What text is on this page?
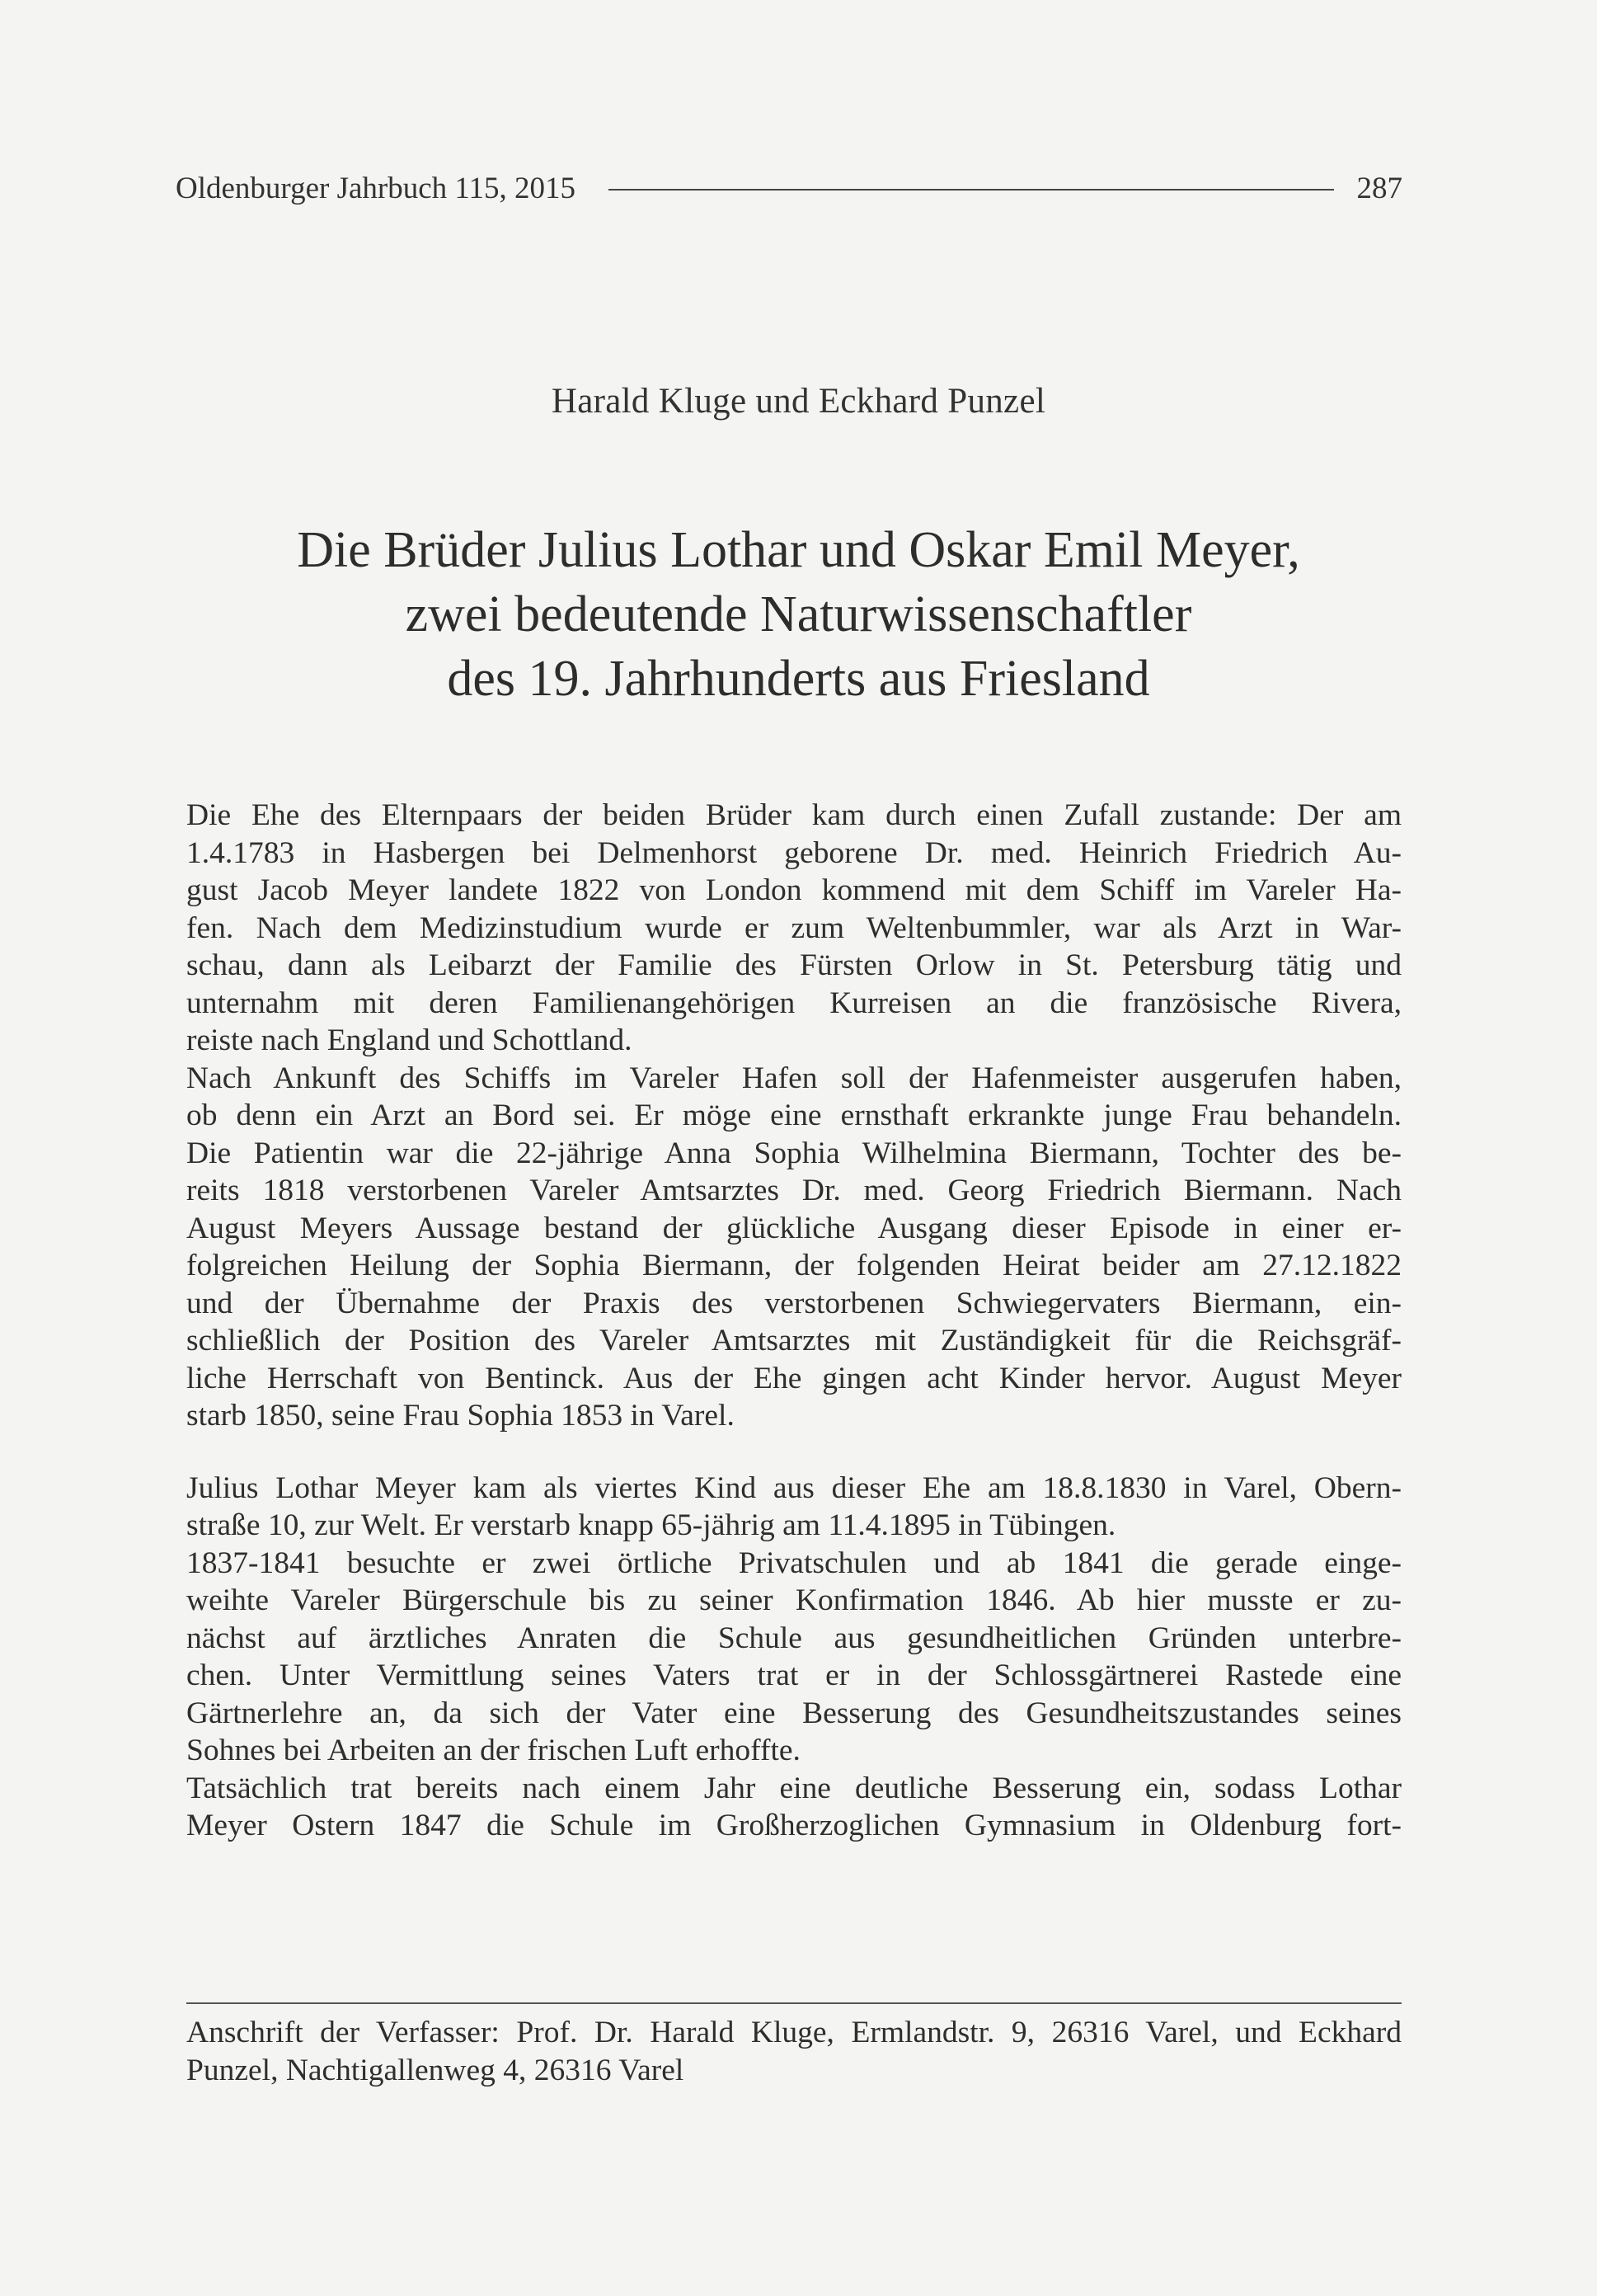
Oldenburger Jahrbuch 115, 2015	287
Harald Kluge und Eckhard Punzel
Die Brüder Julius Lothar und Oskar Emil Meyer,
zwei bedeutende Naturwissenschaftler
des 19. Jahrhunderts aus Friesland
Die Ehe des Elternpaars der beiden Brüder kam durch einen Zufall zustande: Der am
1.4.1783 in Hasbergen bei Delmenhorst geborene Dr. med. Heinrich Friedrich Au-
gust Jacob Meyer landete 1822 von London kommend mit dem Schiff im Vareler Ha-
fen. Nach dem Medizinstudium wurde er zum Weltenbummler, war als Arzt in War-
schau, dann als Leibarzt der Familie des Fürsten Orlow in St. Petersburg tätig und
unternahm mit deren Familienangehörigen Kurreisen an die französische Rivera,
reiste nach England und Schottland.
Nach Ankunft des Schiffs im Vareler Hafen soll der Hafenmeister ausgerufen haben,
ob denn ein Arzt an Bord sei. Er möge eine ernsthaft erkrankte junge Frau behandeln.
Die Patientin war die 22-jährige Anna Sophia Wilhelmina Biermann, Tochter des be-
reits 1818 verstorbenen Vareler Amtsarztes Dr. med. Georg Friedrich Biermann. Nach
August Meyers Aussage bestand der glückliche Ausgang dieser Episode in einer er-
folgreichen Heilung der Sophia Biermann, der folgenden Heirat beider am 27.12.1822
und der Übernahme der Praxis des verstorbenen Schwiegervaters Biermann, ein-
schließlich der Position des Vareler Amtsarztes mit Zuständigkeit für die Reichsgräf-
liche Herrschaft von Bentinck. Aus der Ehe gingen acht Kinder hervor. August Meyer
starb 1850, seine Frau Sophia 1853 in Varel.
Julius Lothar Meyer kam als viertes Kind aus dieser Ehe am 18.8.1830 in Varel, Obern-
straße 10, zur Welt. Er verstarb knapp 65-jährig am 11.4.1895 in Tübingen.
1837-1841 besuchte er zwei örtliche Privatschulen und ab 1841 die gerade einge-
weihte Vareler Bürgerschule bis zu seiner Konfirmation 1846. Ab hier musste er zu-
nächst auf ärztliches Anraten die Schule aus gesundheitlichen Gründen unterbre-
chen. Unter Vermittlung seines Vaters trat er in der Schlossgärtnerei Rastede eine
Gärtnerlehre an, da sich der Vater eine Besserung des Gesundheitszustandes seines
Sohnes bei Arbeiten an der frischen Luft erhoffte.
Tatsächlich trat bereits nach einem Jahr eine deutliche Besserung ein, sodass Lothar
Meyer Ostern 1847 die Schule im Großherzoglichen Gymnasium in Oldenburg fort-
Anschrift der Verfasser: Prof. Dr. Harald Kluge, Ermlandstr. 9, 26316 Varel, und Eckhard
Punzel, Nachtigallenweg 4, 26316 Varel
